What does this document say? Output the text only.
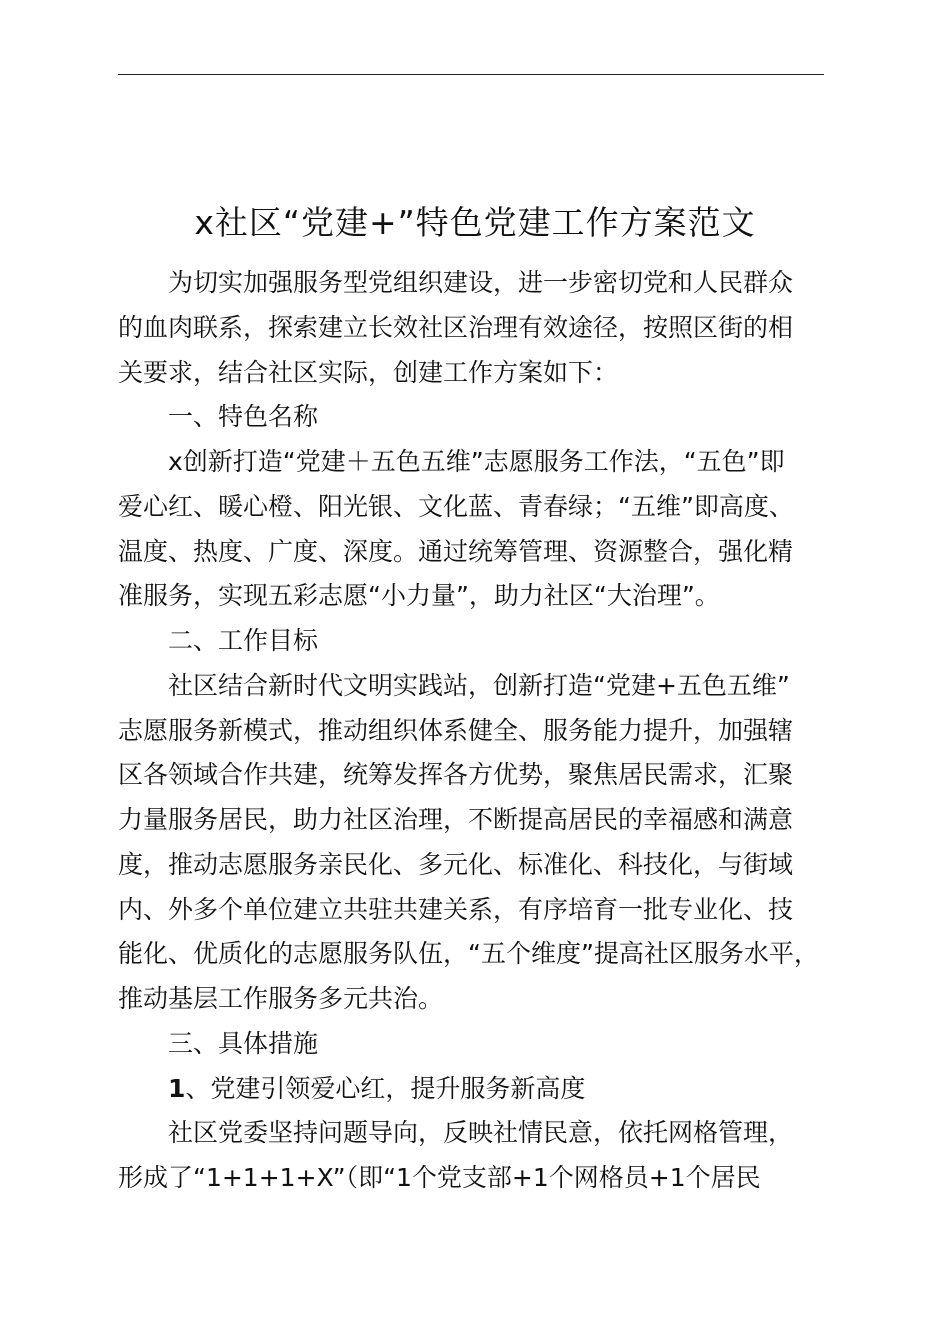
x社区“党建+”特色党建工作方案范文

为切实加强服务型党组织建设，进一步密切党和人民群众

的血肉联系，探索建立长效社区治理有效途径，按照区街的相

关要求，结合社区实际，创建工作方案如下：

一、特色名称

x创新打造“党建＋五色五维”志愿服务工作法，“五色”即

爱心红、暖心橙、阳光银、文化蓝、青春绿；“五维”即高度、

温度、热度、广度、深度。通过统筹管理、资源整合，强化精

准服务，实现五彩志愿“小力量”，助力社区“大治理”。

二、工作目标

社区结合新时代文明实践站，创新打造“党建+五色五维”

志愿服务新模式，推动组织体系健全、服务能力提升，加强辖

区各领域合作共建，统筹发挥各方优势，聚焦居民需求，汇聚

力量服务居民，助力社区治理，不断提高居民的幸福感和满意

度，推动志愿服务亲民化、多元化、标准化、科技化，与街域

内、外多个单位建立共驻共建关系，有序培育一批专业化、技

能化、优质化的志愿服务队伍，“五个维度”提高社区服务水平，

推动基层工作服务多元共治。

三、具体措施

1、党建引领爱心红，提升服务新高度

社区党委坚持问题导向，反映社情民意，依托网格管理，

形成了“1+1+1+X”（即“1个党支部+1个网格员+1个居民
